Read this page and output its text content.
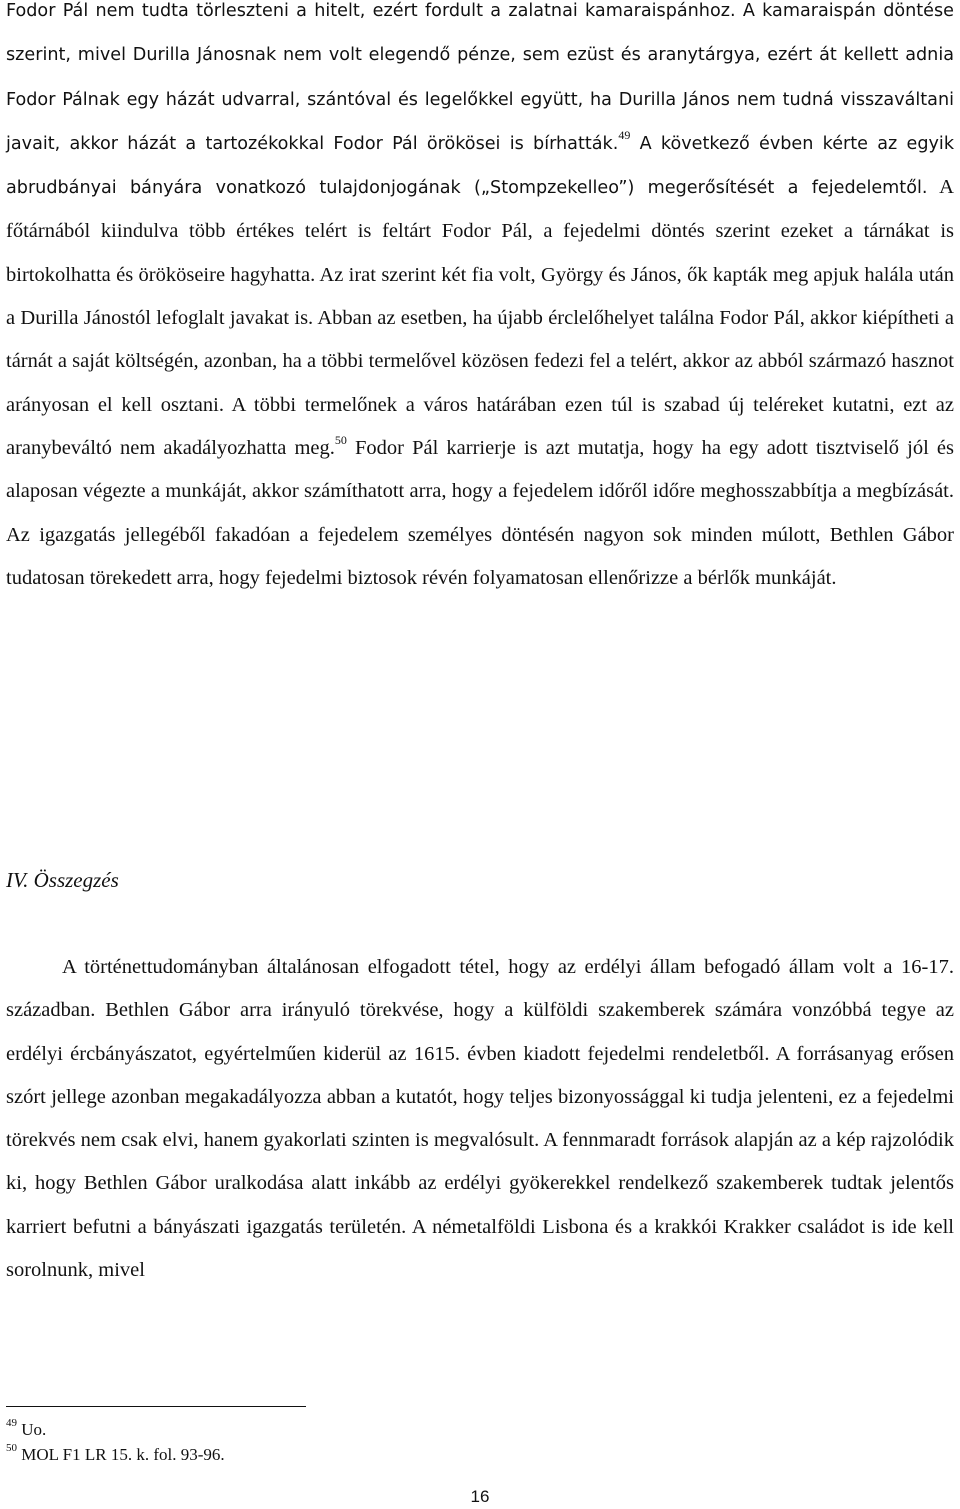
Fodor Pál nem tudta törleszteni a hitelt, ezért fordult a zalatnai kamaraispánhoz. A kamaraispán döntése szerint, mivel Durilla Jánosnak nem volt elegendő pénze, sem ezüst és aranytárgya, ezért át kellett adnia Fodor Pálnak egy házát udvarral, szántóval és legelőkkel együtt, ha Durilla János nem tudná visszaváltani javait, akkor házát a tartozékokkal Fodor Pál örökösei is bírhatták.$^{49}$ A következő évben kérte az egyik abrudbányai bányára vonatkozó tulajdonjogának („Stompzekelleo”) megerősítését a fejedelemtől. A főtárnából kiindulva több értékes telért is feltárt Fodor Pál, a fejedelmi döntés szerint ezeket a tárnákat is birtokolhatta és örököseire hagyhatta. Az irat szerint két fia volt, György és János, ők kapták meg apjuk halála után a Durilla Jánostól lefoglalt javakat is. Abban az esetben, ha újabb érclelőhelyet találna Fodor Pál, akkor kiépítheti a tárnát a saját költségén, azonban, ha a többi termelővel közösen fedezi fel a telért, akkor az abból származó hasznot arányosan el kell osztani. A többi termelőnek a város határában ezen túl is szabad új teléreket kutatni, ezt az aranybeváltó nem akadályozhatta meg.$^{50}$ Fodor Pál karrierje is azt mutatja, hogy ha egy adott tisztviselő jól és alaposan végezte a munkáját, akkor számíthatott arra, hogy a fejedelem időről időre meghosszabbítja a megbízását. Az igazgatás jellegéből fakadóan a fejedelem személyes döntésén nagyon sok minden múlott, Bethlen Gábor tudatosan törekedett arra, hogy fejedelmi biztosok révén folyamatosan ellenőrizze a bérlők munkáját.

IV. Összegzés

A történettudományban általánosan elfogadott tétel, hogy az erdélyi állam befogadó állam volt a 16-17. században. Bethlen Gábor arra irányuló törekvése, hogy a külföldi szakemberek számára vonzóbbá tegye az erdélyi ércbányászatot, egyértelműen kiderül az 1615. évben kiadott fejedelmi rendeletből. A forrásanyag erősen szórt jellege azonban megakadályozza abban a kutatót, hogy teljes bizonyossággal ki tudja jelenteni, ez a fejedelmi törekvés nem csak elvi, hanem gyakorlati szinten is megvalósult. A fennmaradt források alapján az a kép rajzolódik ki, hogy Bethlen Gábor uralkodása alatt inkább az erdélyi gyökerekkel rendelkező szakemberek tudtak jelentős karriert befutni a bányászati igazgatás területén. A németalföldi Lisbona és a krakkói Krakker családot is ide kell sorolnunk, mivel

$^{49}$ Uo.

$^{50}$ MOL F1 LR 15. k. fol. 93-96.

16
